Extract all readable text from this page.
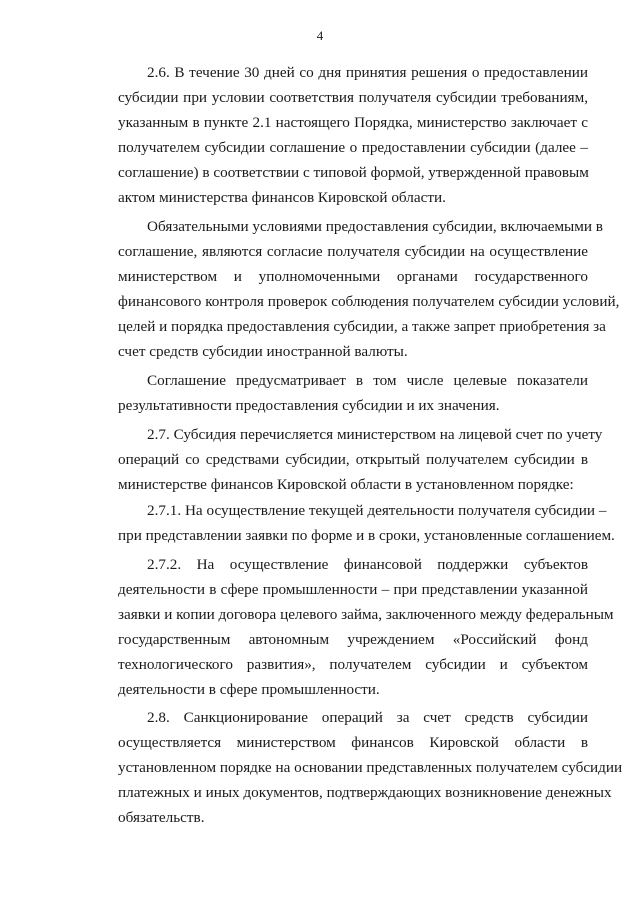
4

2.6. В течение 30 дней со дня принятия решения о предоставлении

субсидии при условии соответствия получателя субсидии требованиям,

указанным в пункте 2.1 настоящего Порядка, министерство заключает с

получателем субсидии соглашение о предоставлении субсидии (далее –

соглашение) в соответствии с типовой формой, утвержденной правовым

актом министерства финансов Кировской области.

Обязательными условиями предоставления субсидии, включаемыми в

соглашение, являются согласие получателя субсидии на осуществление

министерством и уполномоченными органами государственного

финансового контроля проверок соблюдения получателем субсидии условий,

целей и порядка предоставления субсидии, а также запрет приобретения за

счет средств субсидии иностранной валюты.

Соглашение предусматривает в том числе целевые показатели

результативности предоставления субсидии и их значения.

2.7. Субсидия перечисляется министерством на лицевой счет по учету

операций со средствами субсидии, открытый получателем субсидии в

министерстве финансов Кировской области в установленном порядке:

2.7.1. На осуществление текущей деятельности получателя субсидии –

при представлении заявки по форме и в сроки, установленные соглашением.

2.7.2. На осуществление финансовой поддержки субъектов

деятельности в сфере промышленности – при представлении указанной

заявки и копии договора целевого займа, заключенного между федеральным

государственным автономным учреждением «Российский фонд

технологического развития», получателем субсидии и субъектом

деятельности в сфере промышленности.

2.8. Санкционирование операций за счет средств субсидии

осуществляется министерством финансов Кировской области в

установленном порядке на основании представленных получателем субсидии

платежных и иных документов, подтверждающих возникновение денежных

обязательств.
